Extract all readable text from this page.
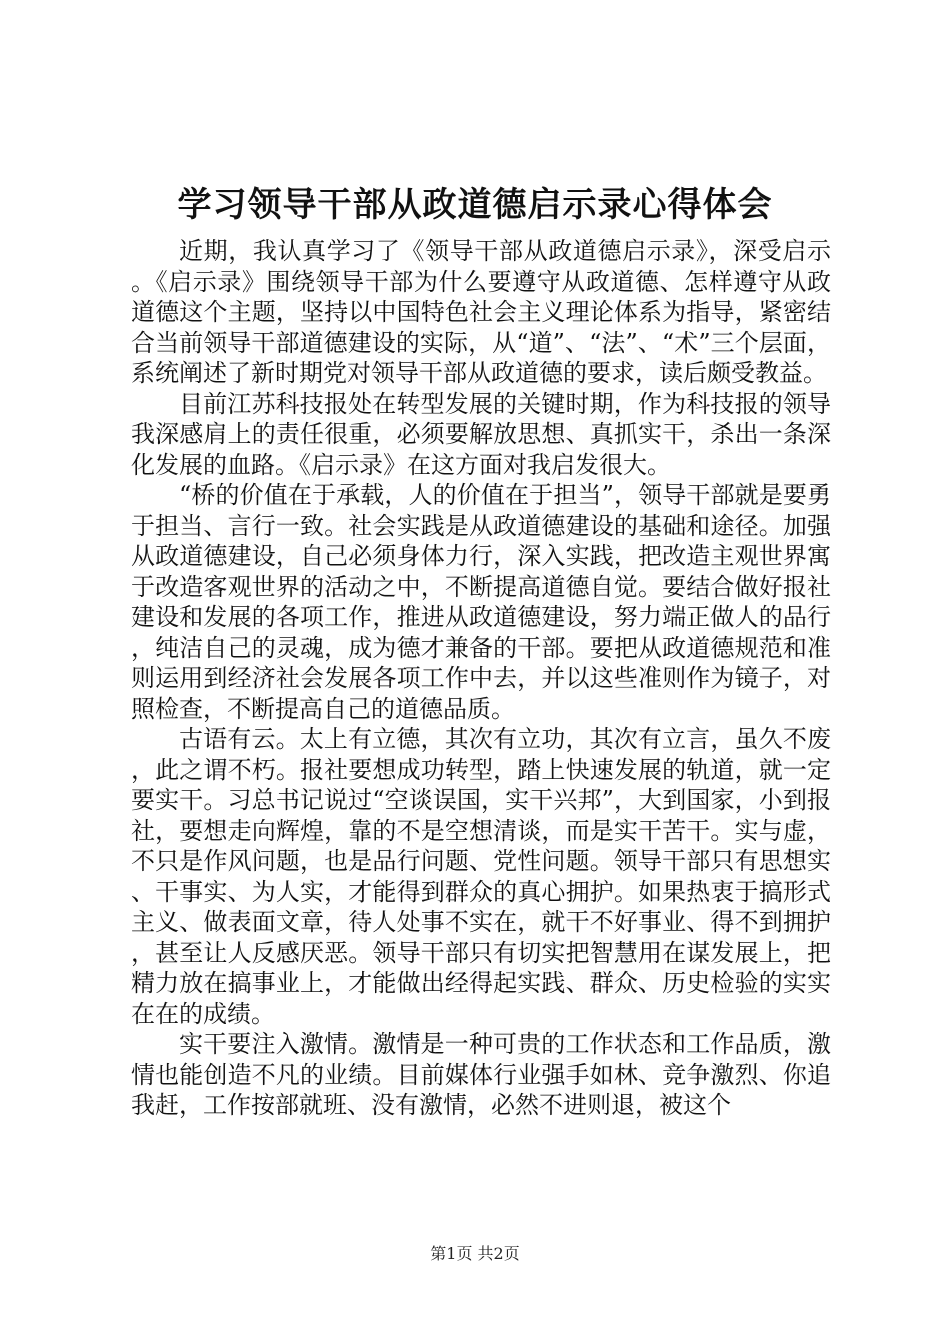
学习领导干部从政道德启示录心得体会

近期，我认真学习了《领导干部从政道德启示录》，深受启示。《启示录》围绕领导干部为什么要遵守从政道德、怎样遵守从政道德这个主题，坚持以中国特色社会主义理论体系为指导，紧密结合当前领导干部道德建设的实际，从“道”、“法”、“术”三个层面，系统阐述了新时期党对领导干部从政道德的要求，读后颇受教益。

目前江苏科技报处在转型发展的关键时期，作为科技报的领导我深感肩上的责任很重，必须要解放思想、真抓实干，杀出一条深化发展的血路。《启示录》在这方面对我启发很大。

“桥的价值在于承载，人的价值在于担当”，领导干部就是要勇于担当、言行一致。社会实践是从政道德建设的基础和途径。加强从政道德建设，自己必须身体力行，深入实践，把改造主观世界寓于改造客观世界的活动之中，不断提高道德自觉。要结合做好报社建设和发展的各项工作，推进从政道德建设，努力端正做人的品行，纯洁自己的灵魂，成为德才兼备的干部。要把从政道德规范和准则运用到经济社会发展各项工作中去，并以这些准则作为镜子，对照检查，不断提高自己的道德品质。

古语有云。太上有立德，其次有立功，其次有立言，虽久不废，此之谓不朽。报社要想成功转型，踏上快速发展的轨道，就一定要实干。习总书记说过“空谈误国，实干兴邦”，大到国家，小到报社，要想走向辉煌，靠的不是空想清谈，而是实干苦干。实与虚，不只是作风问题，也是品行问题、党性问题。领导干部只有思想实、干事实、为人实，才能得到群众的真心拥护。如果热衷于搞形式主义、做表面文章，待人处事不实在，就干不好事业、得不到拥护，甚至让人反感厌恶。领导干部只有切实把智慧用在谋发展上，把精力放在搞事业上，才能做出经得起实践、群众、历史检验的实实在在的成绩。

实干要注入激情。激情是一种可贵的工作状态和工作品质，激情也能创造不凡的业绩。目前媒体行业强手如林、竞争激烈、你追我赶，工作按部就班、没有激情，必然不进则退，被这个

第1页 共2页
